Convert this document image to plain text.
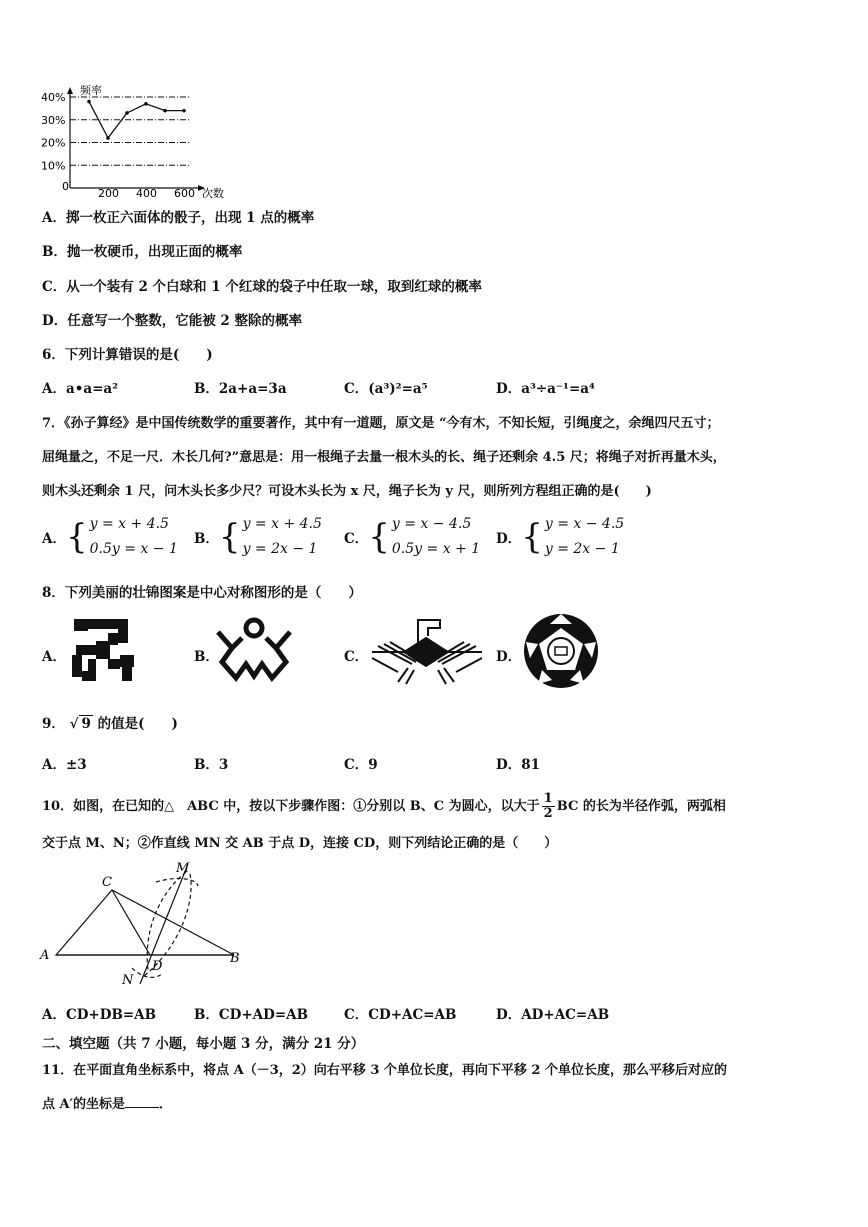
40%
30%
20%
10%
0
200 400 600
频率
次数
A．掷一枚正六面体的骰子，出现 1 点的概率
B．抛一枚硬币，出现正面的概率
C．从一个装有 2 个白球和 1 个红球的袋子中任取一球，取到红球的概率
D．任意写一个整数，它能被 2 整除的概率
6．下列计算错误的是(　　)
A．a•a=a²	B．2a+a=3a	C．(a³)²=a⁵	D．a³÷a⁻¹=a⁴
7．《孙子算经》是中国传统数学的重要著作，其中有一道题，原文是 “今有木，不知长短，引绳度之，余绳四尺五寸；
屈绳量之，不足一尺．木长几何?”意思是：用一根绳子去量一根木头的长、绳子还剩余 4.5 尺；将绳子对折再量木头，
则木头还剩余 1 尺，问木头长多少尺？可设木头长为 x 尺，绳子长为 y 尺，则所列方程组正确的是(　　)
A． { y = x + 4.5
0.5y = x − 1
B． { y = x + 4.5
y = 2x − 1
C． { y = x − 4.5
0.5y = x + 1
D． { y = x − 4.5
y = 2x − 1
8．下列美丽的壮锦图案是中心对称图形的是（　　）
A．	B．	C．	D．
9． √ 9 的值是(　　)
A．±3	B．3	C．9	D．81
10．如图，在已知的△　ABC 中，按以下步骤作图：①分别以 B、C 为圆心，以大于 $\frac{1}{2}$ BC 的长为半径作弧，两弧相
交于点 M、N；②作直线 MN 交 AB 于点 D，连接 CD，则下列结论正确的是（　　）
A
C
B
D
M
N
A．CD+DB=AB	B．CD+AD=AB	C．CD+AC=AB	D．AD+AC=AB
二、填空题（共 7 小题，每小题 3 分，满分 21 分）
11．在平面直角坐标系中，将点 A（－3，2）向右平移 3 个单位长度，再向下平移 2 个单位长度，那么平移后对应的
点 A′的坐标是	．
